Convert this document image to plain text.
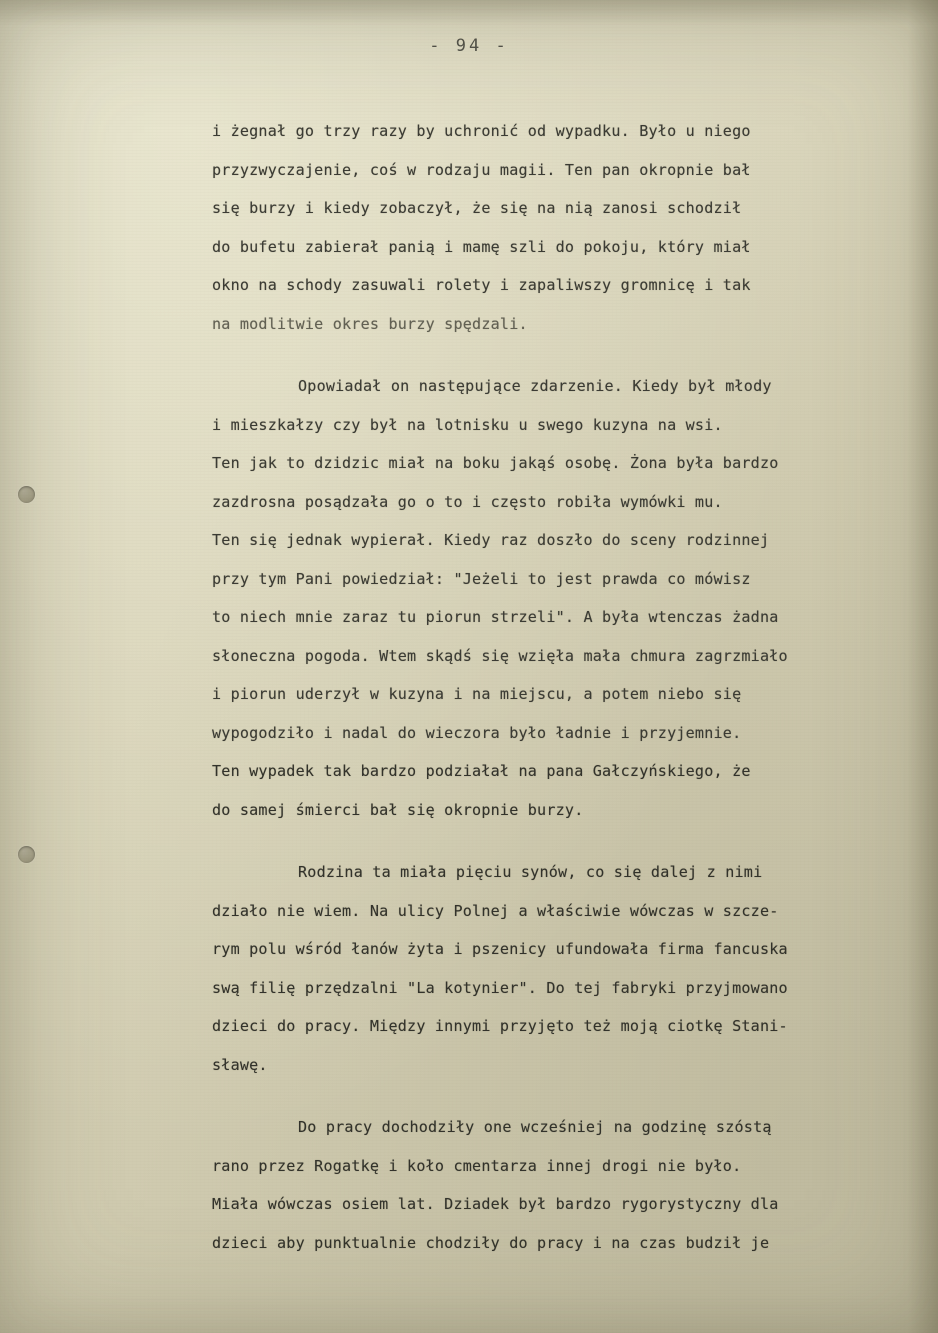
- 94 -
i żegnał go trzy razy by uchronić od wypadku. Było u niego
przyzwyczajenie, coś w rodzaju magii. Ten pan okropnie bał
się burzy i kiedy zobaczył, że się na nią zanosi schodził
do bufetu zabierał panią i mamę szli do pokoju, który miał
okno na schody zasuwali rolety i zapaliwszy gromnicę i tak
na modlitwie okres burzy spędzali.
Opowiadał on następujące zdarzenie. Kiedy był młody
i mieszkałzy czy był na lotnisku u swego kuzyna na wsi.
Ten jak to dzidzic miał na boku jakąś osobę. Żona była bardzo
zazdrosna posądzała go o to i często robiła wymówki mu.
Ten się jednak wypierał. Kiedy raz doszło do sceny rodzinnej
przy tym Pani powiedział: "Jeżeli to jest prawda co mówisz
to niech mnie zaraz tu piorun strzeli". A była wtenczas żadna
słoneczna pogoda. Wtem skądś się wzięła mała chmura zagrzmiało
i piorun uderzył w kuzyna i na miejscu, a potem niebo się
wypogodziło i nadal do wieczora było ładnie i przyjemnie.
Ten wypadek tak bardzo podziałał na pana Gałczyńskiego, że
do samej śmierci bał się okropnie burzy.
Rodzina ta miała pięciu synów, co się dalej z nimi
działo nie wiem. Na ulicy Polnej a właściwie wówczas w szcze-
rym polu wśród łanów żyta i pszenicy ufundowała firma fancuska
swą filię przędzalni "La kotynier". Do tej fabryki przyjmowano
dzieci do pracy. Między innymi przyjęto też moją ciotkę Stani-
sławę.
Do pracy dochodziły one wcześniej na godzinę szóstą
rano przez Rogatkę i koło cmentarza innej drogi nie było.
Miała wówczas osiem lat. Dziadek był bardzo rygorystyczny dla
dzieci aby punktualnie chodziły do pracy i na czas budził je
